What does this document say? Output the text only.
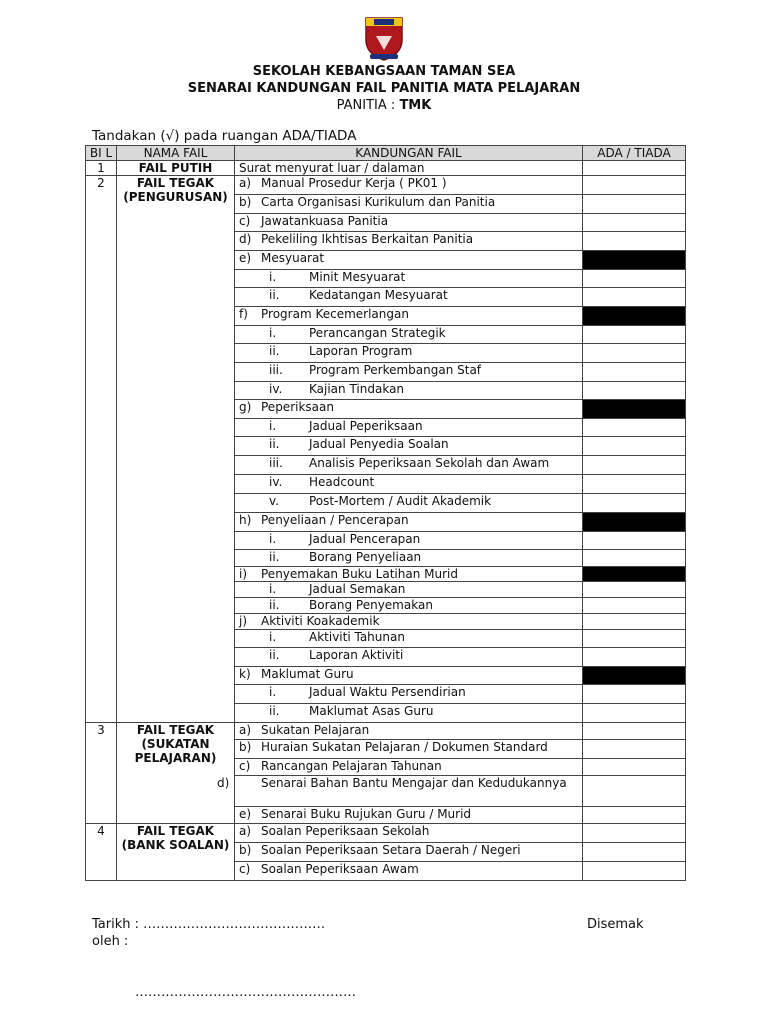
SEKOLAH KEBANGSAAN TAMAN SEA
SENARAI KANDUNGAN FAIL PANITIA MATA PELAJARAN
PANITIA : TMK
Tandakan (√) pada ruangan ADA/TIADA
BI L	NAMA FAIL	KANDUNGAN FAIL	ADA / TIADA
1	FAIL PUTIH	Surat menyurat luar / dalaman	
2	FAIL TEGAK (PENGURUSAN)	a) Manual Prosedur Kerja ( PK01 )	
		b) Carta Organisasi Kurikulum dan Panitia	
		c) Jawatankuasa Panitia	
		d) Pekeliling Ikhtisas Berkaitan Panitia	
		e) Mesyuarat	
		i. Minit Mesyuarat	
		ii. Kedatangan Mesyuarat	
		f) Program Kecemerlangan	
		i. Perancangan Strategik	
		ii. Laporan Program	
		iii. Program Perkembangan Staf	
		iv. Kajian Tindakan	
		g) Peperiksaan	
		i. Jadual Peperiksaan	
		ii. Jadual Penyedia Soalan	
		iii. Analisis Peperiksaan Sekolah dan Awam	
		iv. Headcount	
		v. Post-Mortem / Audit Akademik	
		h) Penyeliaan / Pencerapan	
		i. Jadual Pencerapan	
		ii. Borang Penyeliaan	
		i) Penyemakan Buku Latihan Murid	
		i. Jadual Semakan	
		ii. Borang Penyemakan	
		j) Aktiviti Koakademik	
		i. Aktiviti Tahunan	
		ii. Laporan Aktiviti	
		k) Maklumat Guru	
		i. Jadual Waktu Persendirian	
		ii. Maklumat Asas Guru	
3	FAIL TEGAK (SUKATAN PELAJARAN)	a) Sukatan Pelajaran	
		b) Huraian Sukatan Pelajaran / Dokumen Standard	
		c) Rancangan Pelajaran Tahunan	
		d) Senarai Bahan Bantu Mengajar dan Kedudukannya	
		e) Senarai Buku Rujukan Guru / Murid	
4	FAIL TEGAK (BANK SOALAN)	a) Soalan Peperiksaan Sekolah	
		b) Soalan Peperiksaan Setara Daerah / Negeri	
		c) Soalan Peperiksaan Awam	
Tarikh : ……………………………………	Disemak
oleh :
……………………………………………
